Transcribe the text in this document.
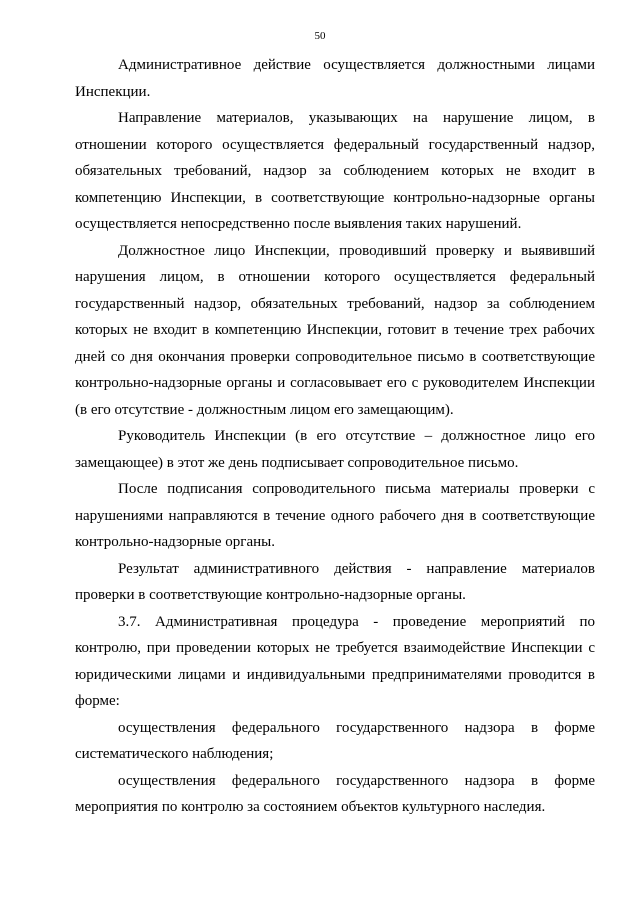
50

Административное действие осуществляется должностными лицами Инспекции.

Направление материалов, указывающих на нарушение лицом, в отношении которого осуществляется федеральный государственный надзор, обязательных требований, надзор за соблюдением которых не входит в компетенцию Инспекции, в соответствующие контрольно-надзорные органы осуществляется непосредственно после выявления таких нарушений.

Должностное лицо Инспекции, проводивший проверку и выявивший нарушения лицом, в отношении которого осуществляется федеральный государственный надзор, обязательных требований, надзор за соблюдением которых не входит в компетенцию Инспекции, готовит в течение трех рабочих дней со дня окончания проверки сопроводительное письмо в соответствующие контрольно-надзорные органы и согласовывает его с руководителем Инспекции (в его отсутствие - должностным лицом его замещающим).

Руководитель Инспекции (в его отсутствие – должностное лицо его замещающее) в этот же день подписывает сопроводительное письмо.

После подписания сопроводительного письма материалы проверки с нарушениями направляются в течение одного рабочего дня в соответствующие контрольно-надзорные органы.

Результат административного действия - направление материалов проверки в соответствующие контрольно-надзорные органы.

3.7. Административная процедура - проведение мероприятий по контролю, при проведении которых не требуется взаимодействие Инспекции с юридическими лицами и индивидуальными предпринимателями проводится в форме:

осуществления федерального государственного надзора в форме систематического наблюдения;

осуществления федерального государственного надзора в форме мероприятия по контролю за состоянием объектов культурного наследия.
